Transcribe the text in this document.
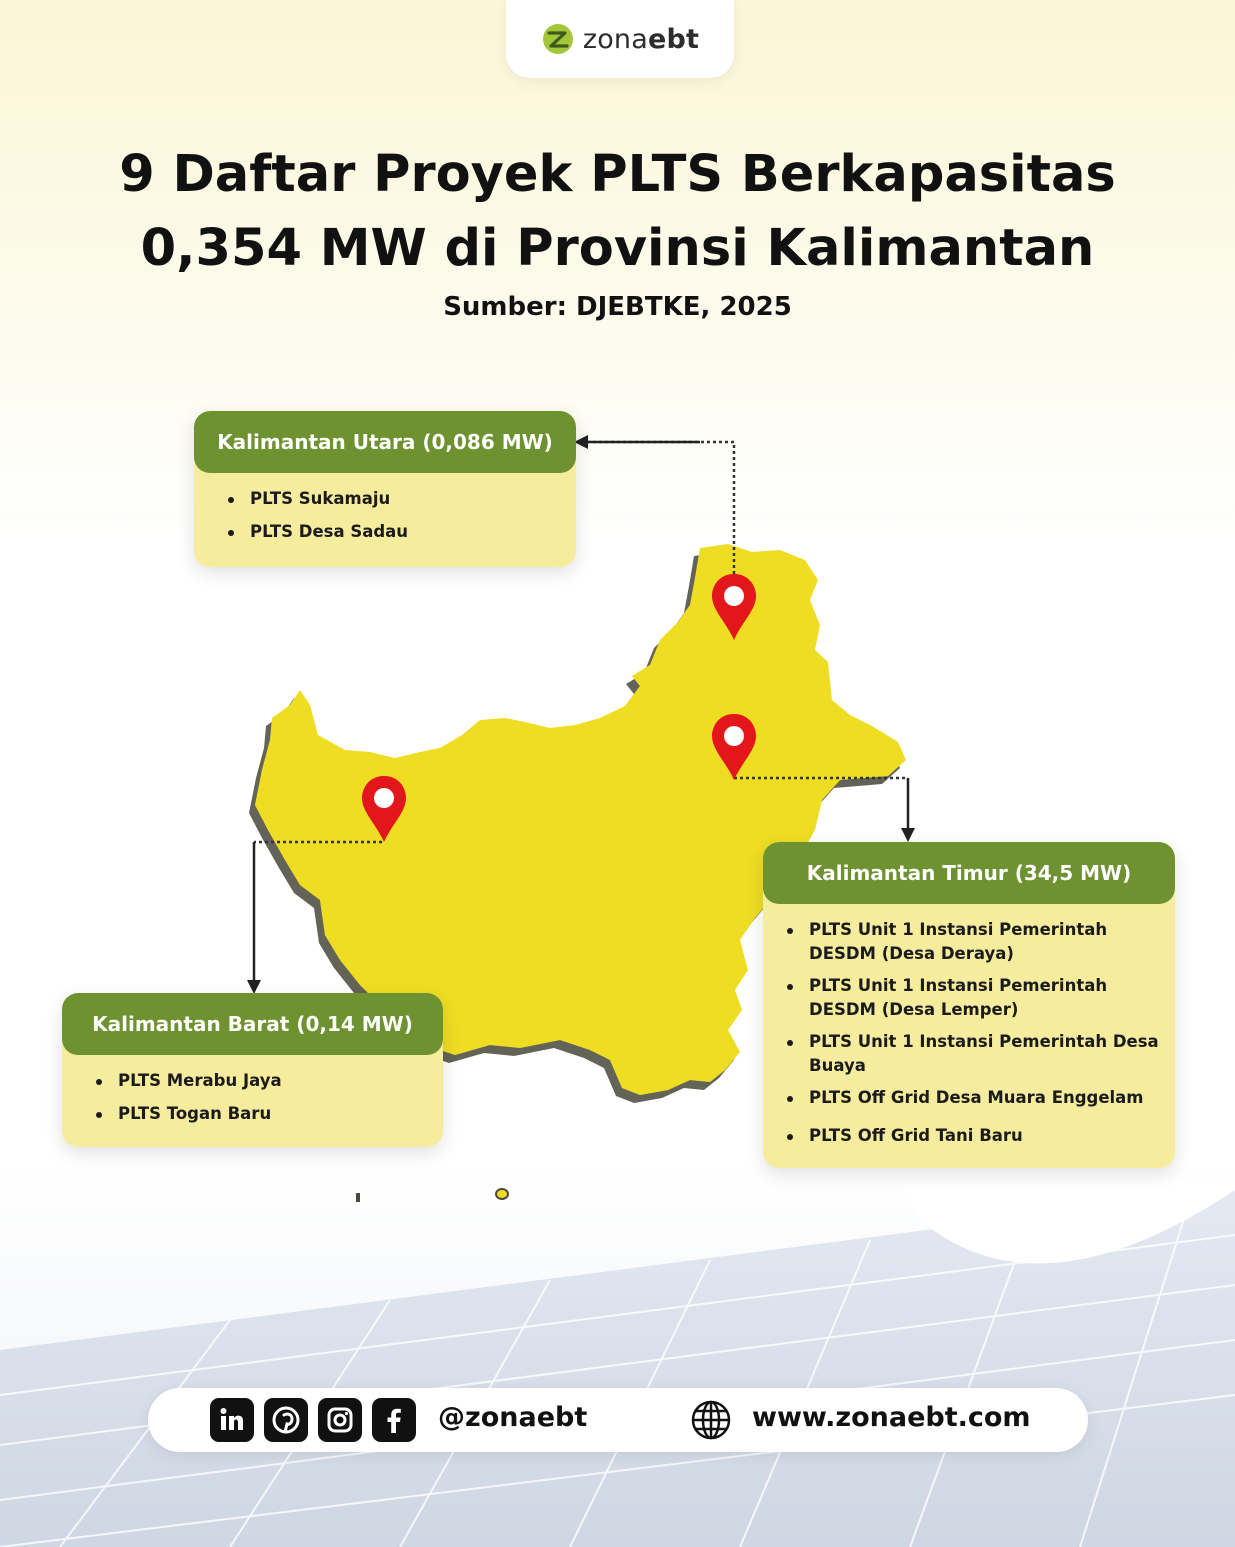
zonaebt
9 Daftar Proyek PLTS Berkapasitas
0,354 MW di Provinsi Kalimantan
Sumber: DJEBTKE, 2025
Kalimantan Utara (0,086 MW)
PLTS Sukamaju
PLTS Desa Sadau
Kalimantan Timur (34,5 MW)
PLTS Unit 1 Instansi Pemerintah DESDM (Desa Deraya)
PLTS Unit 1 Instansi Pemerintah DESDM (Desa Lemper)
PLTS Unit 1 Instansi Pemerintah Desa Buaya
PLTS Off Grid Desa Muara Enggelam
PLTS Off Grid Tani Baru
Kalimantan Barat (0,14 MW)
PLTS Merabu Jaya
PLTS Togan Baru
@zonaebt	www.zonaebt.com
